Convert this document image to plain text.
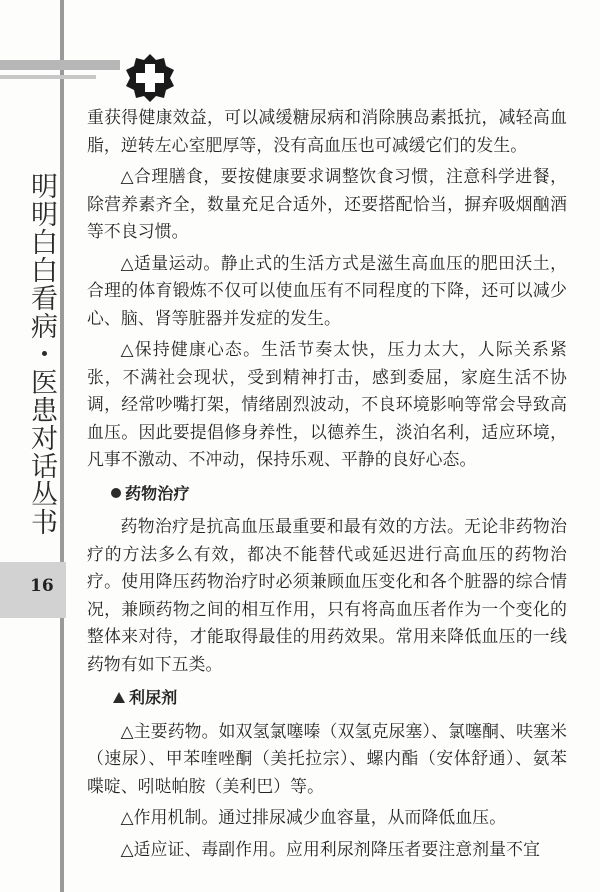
明明白白看病・医患对话丛书
16

重获得健康效益，可以减缓糖尿病和消除胰岛素抵抗，减轻高血脂，逆转左心室肥厚等，没有高血压也可减缓它们的发生。

△合理膳食，要按健康要求调整饮食习惯，注意科学进餐，除营养素齐全，数量充足合适外，还要搭配恰当，摒弃吸烟酗酒等不良习惯。

△适量运动。静止式的生活方式是滋生高血压的肥田沃土，合理的体育锻炼不仅可以使血压有不同程度的下降，还可以减少心、脑、肾等脏器并发症的发生。

△保持健康心态。生活节奏太快，压力太大，人际关系紧张，不满社会现状，受到精神打击，感到委屈，家庭生活不协调，经常吵嘴打架，情绪剧烈波动，不良环境影响等常会导致高血压。因此要提倡修身养性，以德养生，淡泊名利，适应环境，凡事不激动、不冲动，保持乐观、平静的良好心态。

药物治疗

药物治疗是抗高血压最重要和最有效的方法。无论非药物治疗的方法多么有效，都决不能替代或延迟进行高血压的药物治疗。使用降压药物治疗时必须兼顾血压变化和各个脏器的综合情况，兼顾药物之间的相互作用，只有将高血压者作为一个变化的整体来对待，才能取得最佳的用药效果。常用来降低血压的一线药物有如下五类。

利尿剂

△主要药物。如双氢氯噻嗪（双氢克尿塞）、氯噻酮、呋塞米（速尿）、甲苯喹唑酮（美托拉宗）、螺内酯（安体舒通）、氨苯喋啶、吲哒帕胺（美利巴）等。

△作用机制。通过排尿减少血容量，从而降低血压。

△适应证、毒副作用。应用利尿剂降压者要注意剂量不宜
